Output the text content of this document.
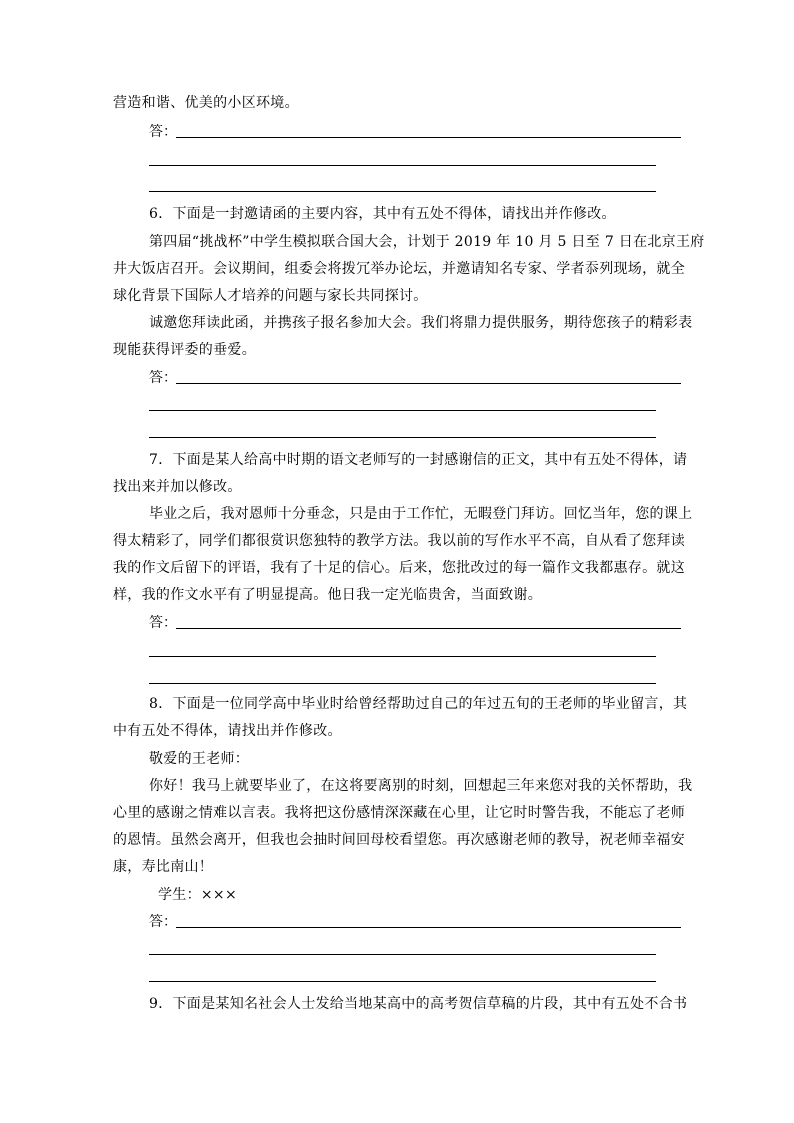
营造和谐、优美的小区环境。
答：
6．下面是一封邀请函的主要内容，其中有五处不得体，请找出并作修改。
第四届“挑战杯”中学生模拟联合国大会，计划于 2019 年 10 月 5 日至 7 日在北京王府
井大饭店召开。会议期间，组委会将拨冗举办论坛，并邀请知名专家、学者忝列现场，就全
球化背景下国际人才培养的问题与家长共同探讨。
诚邀您拜读此函，并携孩子报名参加大会。我们将鼎力提供服务，期待您孩子的精彩表
现能获得评委的垂爱。
答：
7．下面是某人给高中时期的语文老师写的一封感谢信的正文，其中有五处不得体，请
找出来并加以修改。
毕业之后，我对恩师十分垂念，只是由于工作忙，无暇登门拜访。回忆当年，您的课上
得太精彩了，同学们都很赏识您独特的教学方法。我以前的写作水平不高，自从看了您拜读
我的作文后留下的评语，我有了十足的信心。后来，您批改过的每一篇作文我都惠存。就这
样，我的作文水平有了明显提高。他日我一定光临贵舍，当面致谢。
答：
8．下面是一位同学高中毕业时给曾经帮助过自己的年过五旬的王老师的毕业留言，其
中有五处不得体，请找出并作修改。
敬爱的王老师：
你好！我马上就要毕业了，在这将要离别的时刻，回想起三年来您对我的关怀帮助，我
心里的感谢之情难以言表。我将把这份感情深深藏在心里，让它时时警告我，不能忘了老师
的恩情。虽然会离开，但我也会抽时间回母校看望您。再次感谢老师的教导，祝老师幸福安
康，寿比南山！
学生：×××
答：
9．下面是某知名社会人士发给当地某高中的高考贺信草稿的片段，其中有五处不合书
